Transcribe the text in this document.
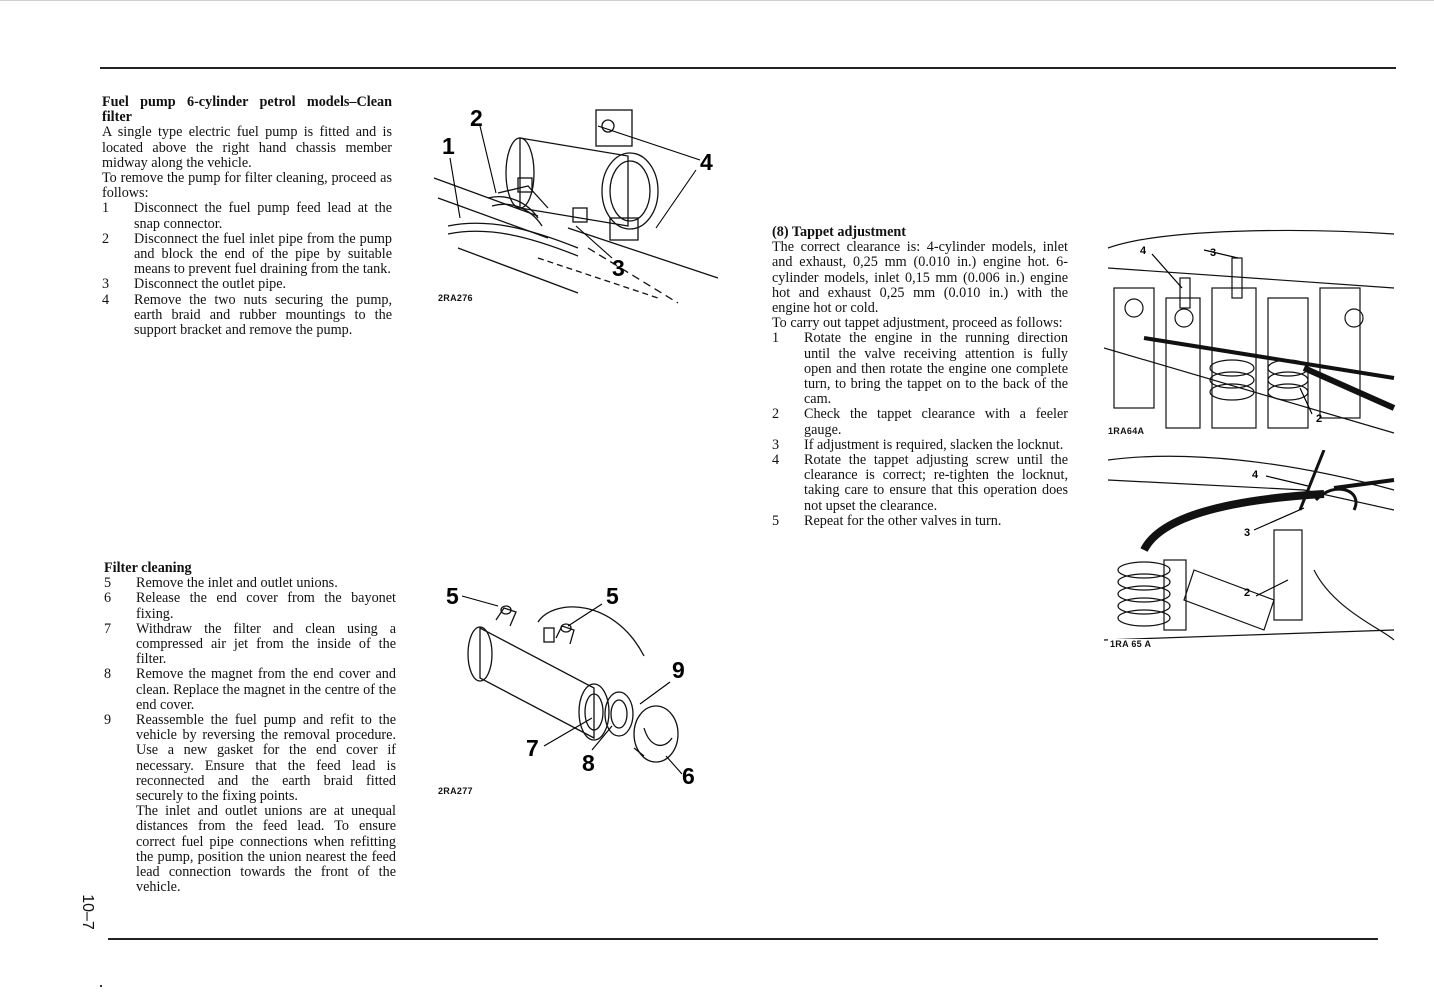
Fuel pump 6-cylinder petrol models–Clean filter

A single type electric fuel pump is fitted and is located above the right hand chassis member midway along the vehicle.

To remove the pump for filter cleaning, proceed as follows:

1 Disconnect the fuel pump feed lead at the snap connector.
2 Disconnect the fuel inlet pipe from the pump and block the end of the pipe by suitable means to prevent fuel draining from the tank.
3 Disconnect the outlet pipe.
4 Remove the two nuts securing the pump, earth braid and rubber mountings to the support bracket and remove the pump.

Filter cleaning

5 Remove the inlet and outlet unions.
6 Release the end cover from the bayonet fixing.
7 Withdraw the filter and clean using a compressed air jet from the inside of the filter.
8 Remove the magnet from the end cover and clean. Replace the magnet in the centre of the end cover.
9 Reassemble the fuel pump and refit to the vehicle by reversing the removal procedure. Use a new gasket for the end cover if necessary. Ensure that the feed lead is reconnected and the earth braid fitted securely to the fixing points.

The inlet and outlet unions are at unequal distances from the feed lead. To ensure correct fuel pipe connections when refitting the pump, position the union nearest the feed lead connection towards the front of the vehicle.

(8) Tappet adjustment

The correct clearance is: 4-cylinder models, inlet and exhaust, 0,25 mm (0.010 in.) engine hot. 6-cylinder models, inlet 0,15 mm (0.006 in.) engine hot and exhaust 0,25 mm (0.010 in.) with the engine hot or cold.

To carry out tappet adjustment, proceed as follows:

1 Rotate the engine in the running direction until the valve receiving attention is fully open and then rotate the engine one complete turn, to bring the tappet on to the back of the cam.
2 Check the tappet clearance with a feeler gauge.
3 If adjustment is required, slacken the locknut.
4 Rotate the tappet adjusting screw until the clearance is correct; re-tighten the locknut, taking care to ensure that this operation does not upset the clearance.
5 Repeat for the other valves in turn.
1
2
3
4
2RA276
5	5
9
7
8	6
2RA277
4	3
2
1RA64A
4
3
2
1RA 65 A
10–7
